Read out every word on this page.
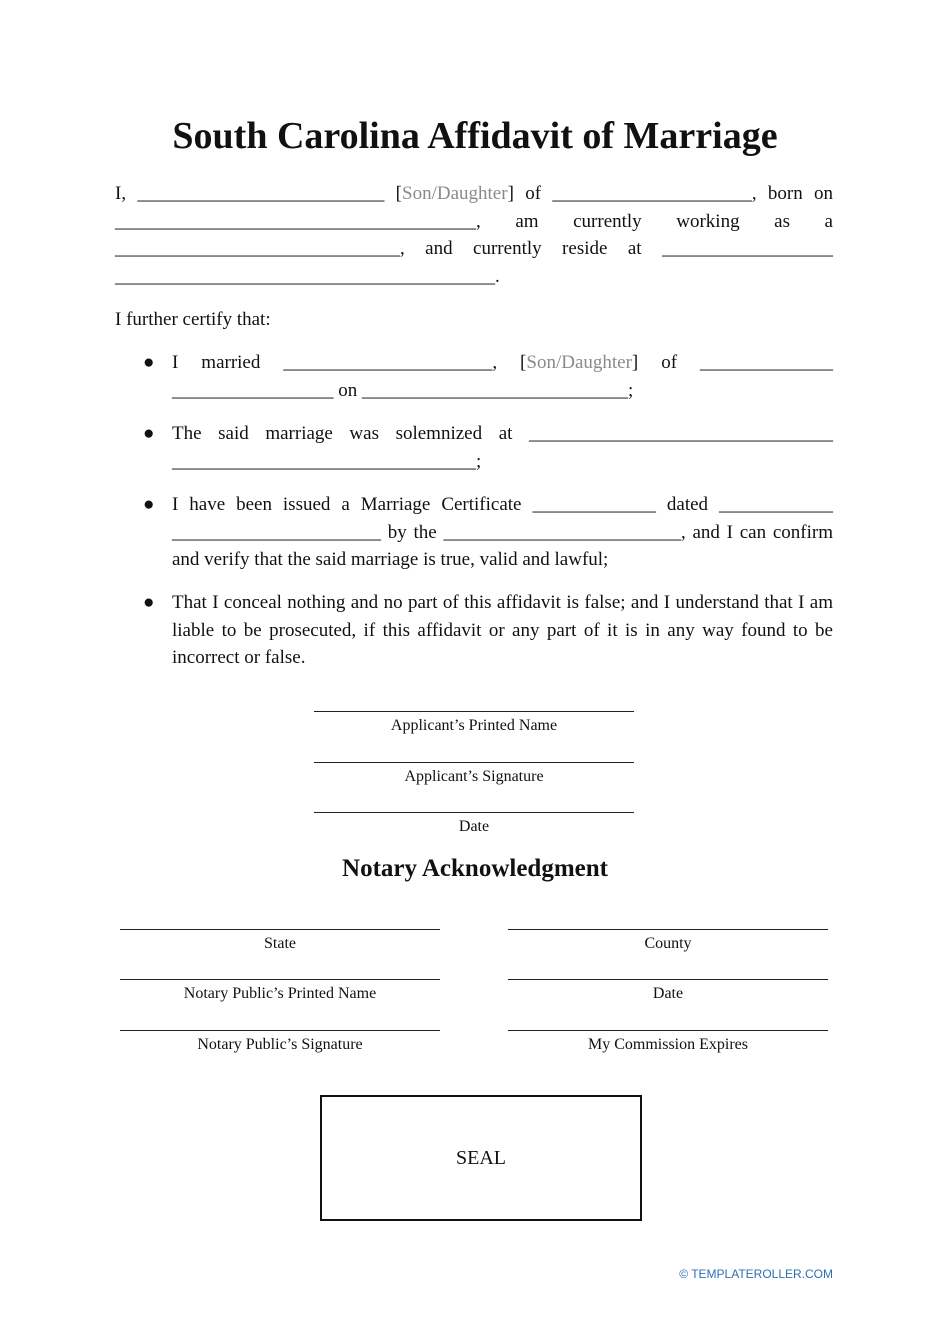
South Carolina Affidavit of Marriage
I, __________________________ [Son/Daughter] of _____________________, born on ______________________________________, am currently working as a ______________________________, and currently reside at __________________ ________________________________________.
I further certify that:
● I married ______________________, [Son/Daughter] of ______________ _________________ on ____________________________;
● The said marriage was solemnized at ________________________________ ________________________________;
● I have been issued a Marriage Certificate _____________ dated ____________ ______________________ by the _________________________, and I can confirm and verify that the said marriage is true, valid and lawful;
● That I conceal nothing and no part of this affidavit is false; and I understand that I am liable to be prosecuted, if this affidavit or any part of it is in any way found to be incorrect or false.
Applicant’s Printed Name
Applicant’s Signature
Date
Notary Acknowledgment
State
Notary Public’s Printed Name
Notary Public’s Signature
County
Date
My Commission Expires
SEAL
© TEMPLATEROLLER.COM
